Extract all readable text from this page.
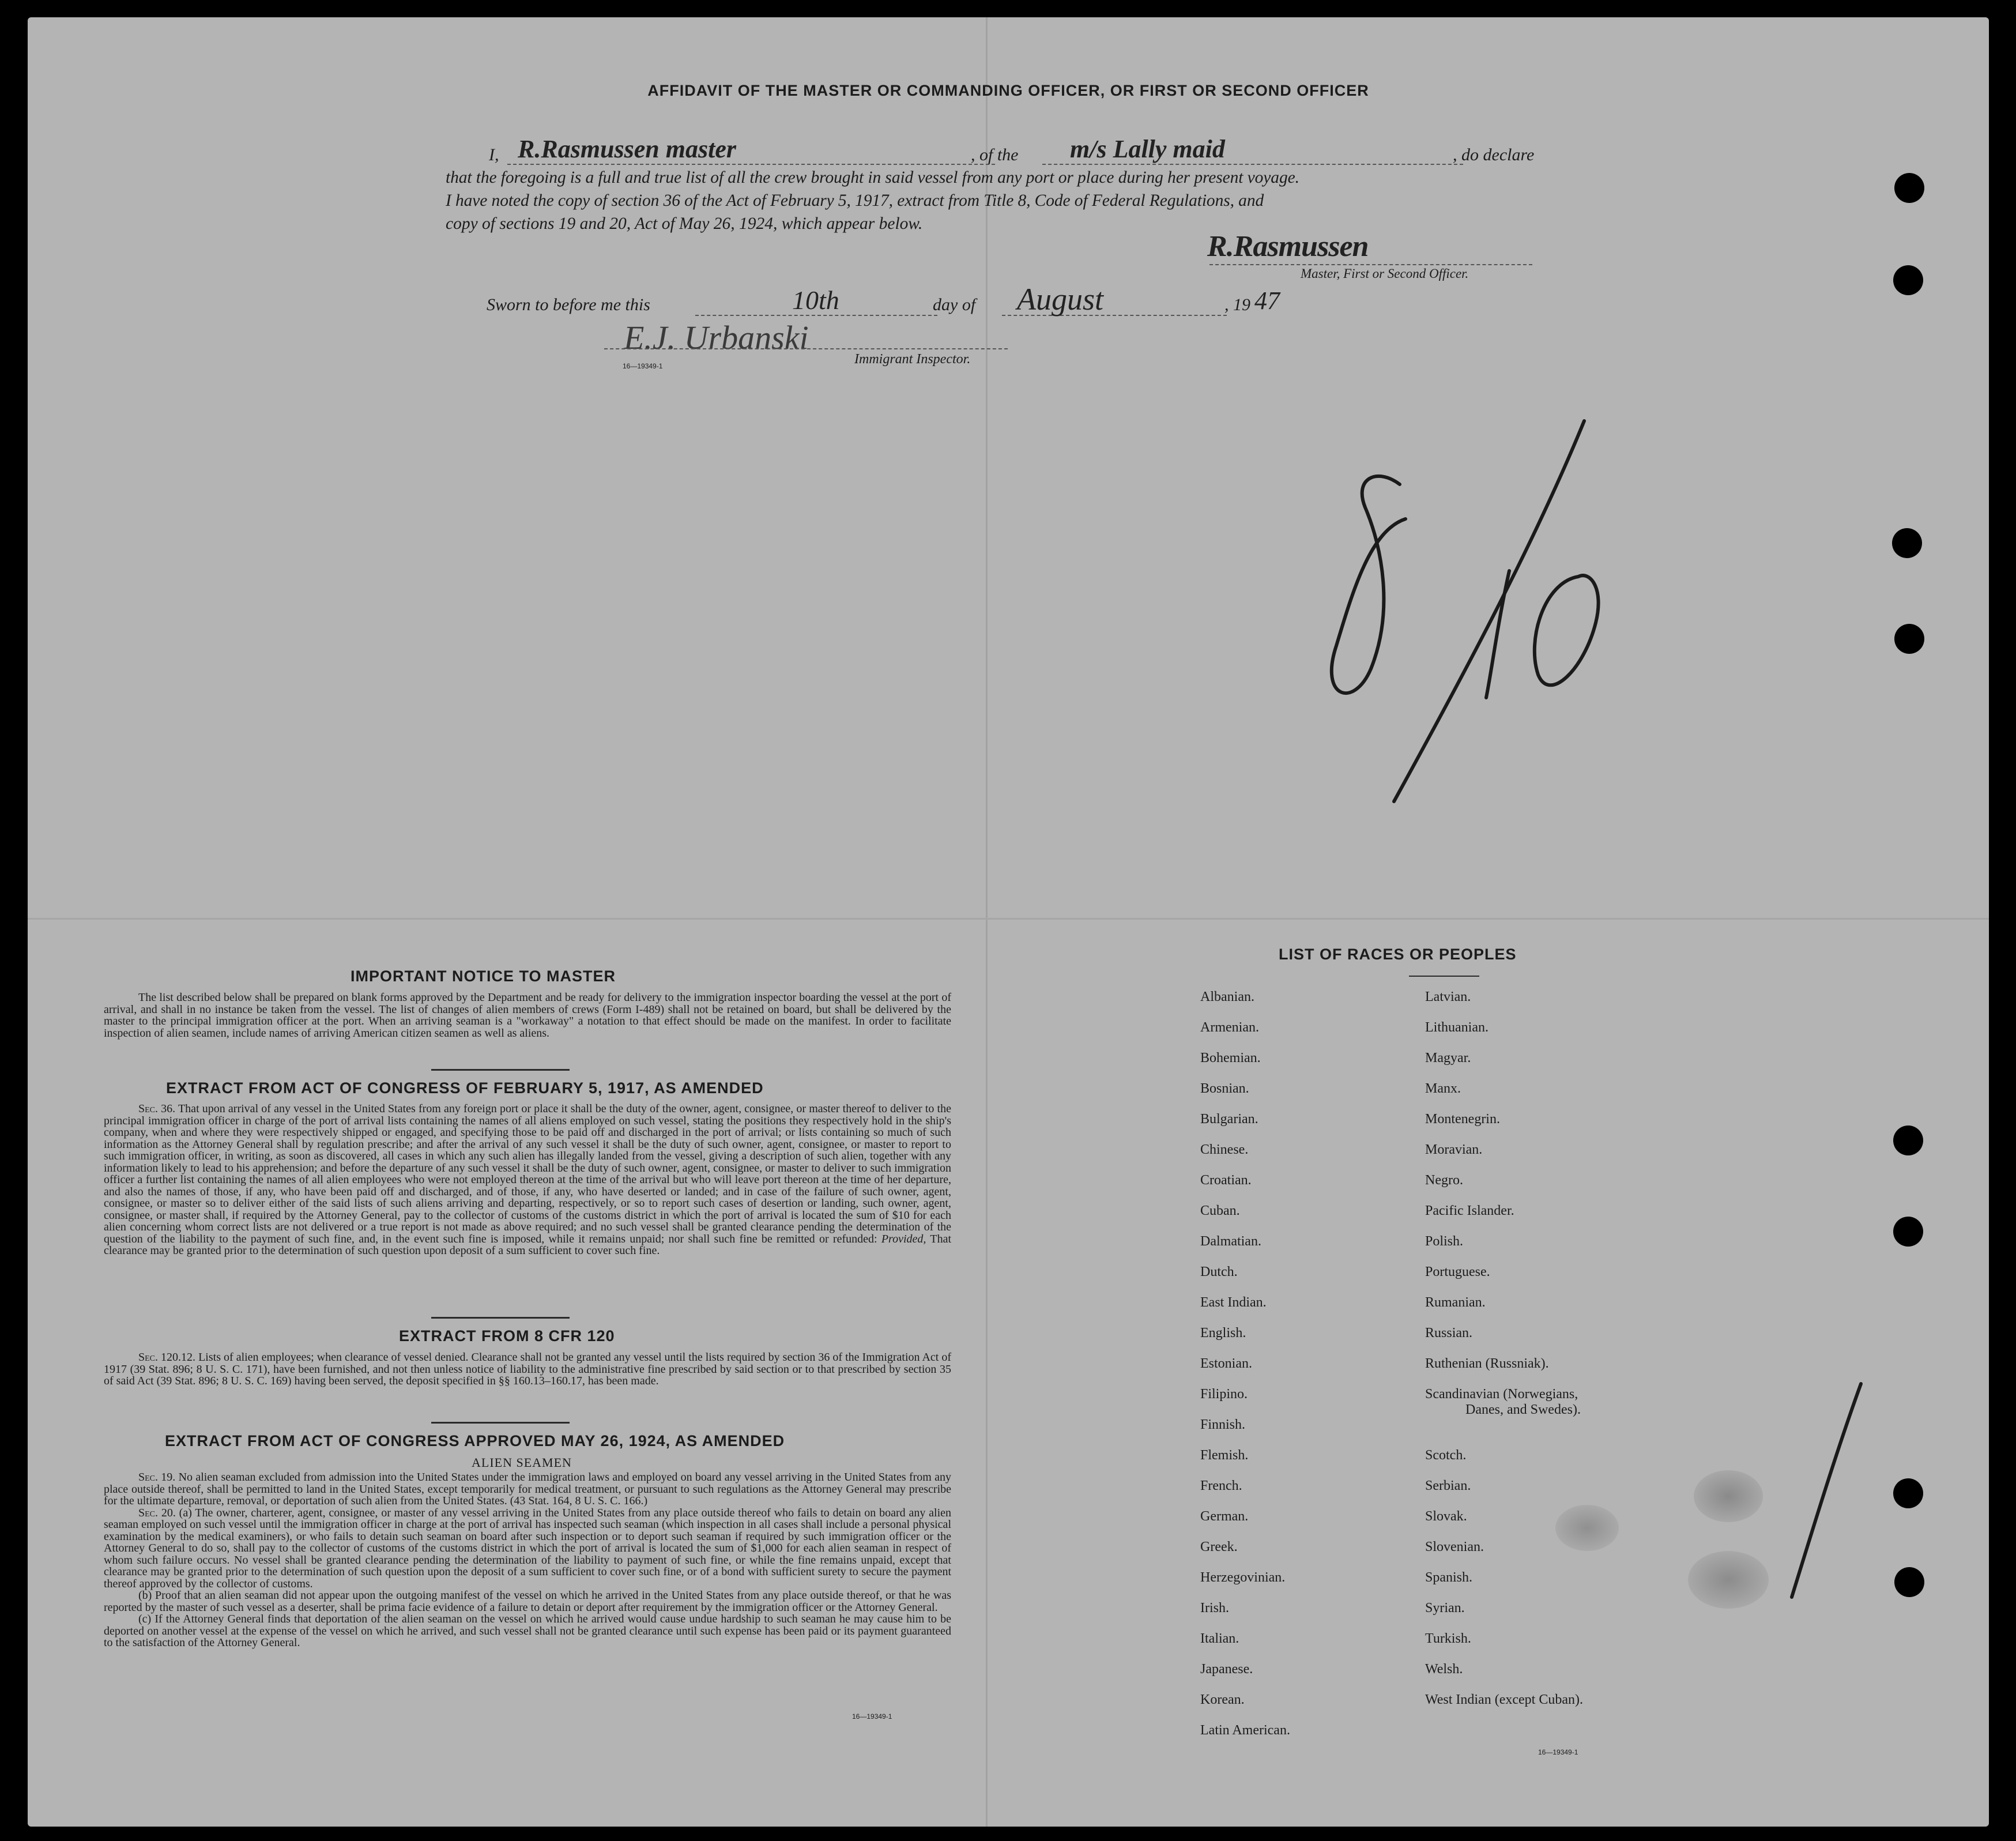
AFFIDAVIT OF THE MASTER OR COMMANDING OFFICER, OR FIRST OR SECOND OFFICER
I, R.Rasmussen master	, of the m/s Lally maid	, do declare
that the foregoing is a full and true list of all the crew brought in said vessel from any port or place during her present voyage.
I have noted the copy of section 36 of the Act of February 5, 1917, extract from Title 8, Code of Federal Regulations, and
copy of sections 19 and 20, Act of May 26, 1924, which appear below.
R.Rasmussen
Master, First or Second Officer.
Sworn to before me this	10th	day of August	, 19 47
E.J. Urbanski
Immigrant Inspector.
16—19349-1
IMPORTANT NOTICE TO MASTER

The list described below shall be prepared on blank forms approved by the Department and be ready for delivery to the immigration inspector boarding the vessel at the port of arrival, and shall in no instance be taken from the vessel. The list of changes of alien members of crews (Form I-489) shall not be retained on board, but shall be delivered by the master to the principal immigration officer at the port. When an arriving seaman is a "workaway" a notation to that effect should be made on the manifest. In order to facilitate inspection of alien seamen, include names of arriving American citizen seamen as well as aliens.

EXTRACT FROM ACT OF CONGRESS OF FEBRUARY 5, 1917, AS AMENDED

Sec. 36. That upon arrival of any vessel in the United States from any foreign port or place it shall be the duty of the owner, agent, consignee, or master thereof to deliver to the principal immigration officer in charge of the port of arrival lists containing the names of all aliens employed on such vessel, stating the positions they respectively hold in the ship's company, when and where they were respectively shipped or engaged, and specifying those to be paid off and discharged in the port of arrival; or lists containing so much of such information as the Attorney General shall by regulation prescribe; and after the arrival of any such vessel it shall be the duty of such owner, agent, consignee, or master to report to such immigration officer, in writing, as soon as discovered, all cases in which any such alien has illegally landed from the vessel, giving a description of such alien, together with any information likely to lead to his apprehension; and before the departure of any such vessel it shall be the duty of such owner, agent, consignee, or master to deliver to such immigration officer a further list containing the names of all alien employees who were not employed thereon at the time of the arrival but who will leave port thereon at the time of her departure, and also the names of those, if any, who have been paid off and discharged, and of those, if any, who have deserted or landed; and in case of the failure of such owner, agent, consignee, or master so to deliver either of the said lists of such aliens arriving and departing, respectively, or so to report such cases of desertion or landing, such owner, agent, consignee, or master shall, if required by the Attorney General, pay to the collector of customs of the customs district in which the port of arrival is located the sum of $10 for each alien concerning whom correct lists are not delivered or a true report is not made as above required; and no such vessel shall be granted clearance pending the determination of the question of the liability to the payment of such fine, and, in the event such fine is imposed, while it remains unpaid; nor shall such fine be remitted or refunded: Provided, That clearance may be granted prior to the determination of such question upon deposit of a sum sufficient to cover such fine.

EXTRACT FROM 8 CFR 120

Sec. 120.12. Lists of alien employees; when clearance of vessel denied. Clearance shall not be granted any vessel until the lists required by section 36 of the Immigration Act of 1917 (39 Stat. 896; 8 U. S. C. 171), have been furnished, and not then unless notice of liability to the administrative fine prescribed by said section or to that prescribed by section 35 of said Act (39 Stat. 896; 8 U. S. C. 169) having been served, the deposit specified in §§ 160.13–160.17, has been made.

EXTRACT FROM ACT OF CONGRESS APPROVED MAY 26, 1924, AS AMENDED
ALIEN SEAMEN

Sec. 19. No alien seaman excluded from admission into the United States under the immigration laws and employed on board any vessel arriving in the United States from any place outside thereof, shall be permitted to land in the United States, except temporarily for medical treatment, or pursuant to such regulations as the Attorney General may prescribe for the ultimate departure, removal, or deportation of such alien from the United States. (43 Stat. 164, 8 U. S. C. 166.)

Sec. 20. (a) The owner, charterer, agent, consignee, or master of any vessel arriving in the United States from any place outside thereof who fails to detain on board any alien seaman employed on such vessel until the immigration officer in charge at the port of arrival has inspected such seaman (which inspection in all cases shall include a personal physical examination by the medical examiners), or who fails to detain such seaman on board after such inspection or to deport such seaman if required by such immigration officer or the Attorney General to do so, shall pay to the collector of customs of the customs district in which the port of arrival is located the sum of $1,000 for each alien seaman in respect of whom such failure occurs. No vessel shall be granted clearance pending the determination of the liability to payment of such fine, or while the fine remains unpaid, except that clearance may be granted prior to the determination of such question upon the deposit of a sum sufficient to cover such fine, or of a bond with sufficient surety to secure the payment thereof approved by the collector of customs.

(b) Proof that an alien seaman did not appear upon the outgoing manifest of the vessel on which he arrived in the United States from any place outside thereof, or that he was reported by the master of such vessel as a deserter, shall be prima facie evidence of a failure to detain or deport after requirement by the immigration officer or the Attorney General.

(c) If the Attorney General finds that deportation of the alien seaman on the vessel on which he arrived would cause undue hardship to such seaman he may cause him to be deported on another vessel at the expense of the vessel on which he arrived, and such vessel shall not be granted clearance until such expense has been paid or its payment guaranteed to the satisfaction of the Attorney General.

16—19349-1
LIST OF RACES OR PEOPLES
Albanian.
Armenian.
Bohemian.
Bosnian.
Bulgarian.
Chinese.
Croatian.
Cuban.
Dalmatian.
Dutch.
East Indian.
English.
Estonian.
Filipino.
Finnish.
Flemish.
French.
German.
Greek.
Herzegovinian.
Irish.
Italian.
Japanese.
Korean.
Latin American.
Latvian.
Lithuanian.
Magyar.
Manx.
Montenegrin.
Moravian.
Negro.
Pacific Islander.
Polish.
Portuguese.
Rumanian.
Russian.
Ruthenian (Russniak).
Scandinavian (Norwegians,
Danes, and Swedes).
Scotch.
Serbian.
Slovak.
Slovenian.
Spanish.
Syrian.
Turkish.
Welsh.
West Indian (except Cuban).
16—19349-1
